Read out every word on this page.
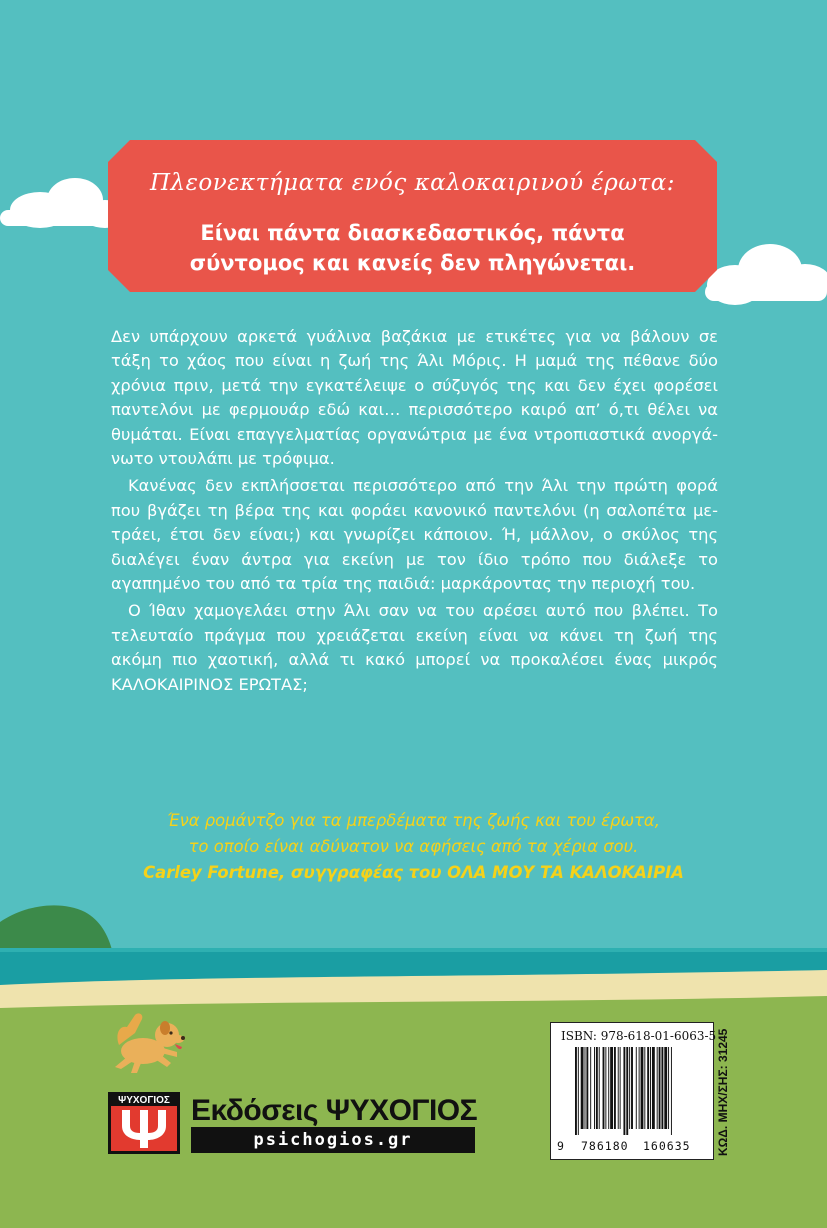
Πλεονεκτήματα ενός καλοκαιρινού έρωτα:
Είναι πάντα διασκεδαστικός, πάντα
σύντομος και κανείς δεν πληγώνεται.

Δεν υπάρχουν αρκετά γυάλινα βαζάκια με ετικέτες για να βάλουν σε τάξη το χάος που είναι η ζωή της Άλι Μόρις. Η μαμά της πέθανε δύο χρόνια πριν, μετά την εγκατέλειψε ο σύζυγός της και δεν έχει φορέσει παντελόνι με φερμουάρ εδώ και… περισσότερο καιρό απ’ ό,τι θέλει να θυμάται. Είναι επαγγελματίας οργανώτρια με ένα ντροπιαστικά ανοργάνωτο ντουλάπι με τρόφιμα.

Κανένας δεν εκπλήσσεται περισσότερο από την Άλι την πρώτη φορά που βγάζει τη βέρα της και φοράει κανονικό παντελόνι (η σαλοπέτα μετράει, έτσι δεν είναι;) και γνωρίζει κάποιον. Ή, μάλλον, ο σκύλος της διαλέγει έναν άντρα για εκείνη με τον ίδιο τρόπο που διάλεξε το αγαπημένο του από τα τρία της παιδιά: μαρκάροντας την περιοχή του.

Ο Ίθαν χαμογελάει στην Άλι σαν να του αρέσει αυτό που βλέπει. Το τελευταίο πράγμα που χρειάζεται εκείνη είναι να κάνει τη ζωή της ακόμη πιο χαοτική, αλλά τι κακό μπορεί να προκαλέσει ένας μικρός ΚΑΛΟΚΑΙΡΙΝΟΣ ΕΡΩΤΑΣ;

Ένα ρομάντζο για τα μπερδέματα της ζωής και του έρωτα,
το οποίο είναι αδύνατον να αφήσεις από τα χέρια σου.
Carley Fortune, συγγραφέας του ΟΛΑ ΜΟΥ ΤΑ ΚΑΛΟΚΑΙΡΙΑ
ΨΥΧΟΓΙΟΣ Εκδόσεις ΨΥΧΟΓΙΟΣ
psichogios.gr
ISBN: 978-618-01-6063-5
9 786180 160635 ΚΩΔ. ΜΗΧ/ΣΗΣ: 31245
